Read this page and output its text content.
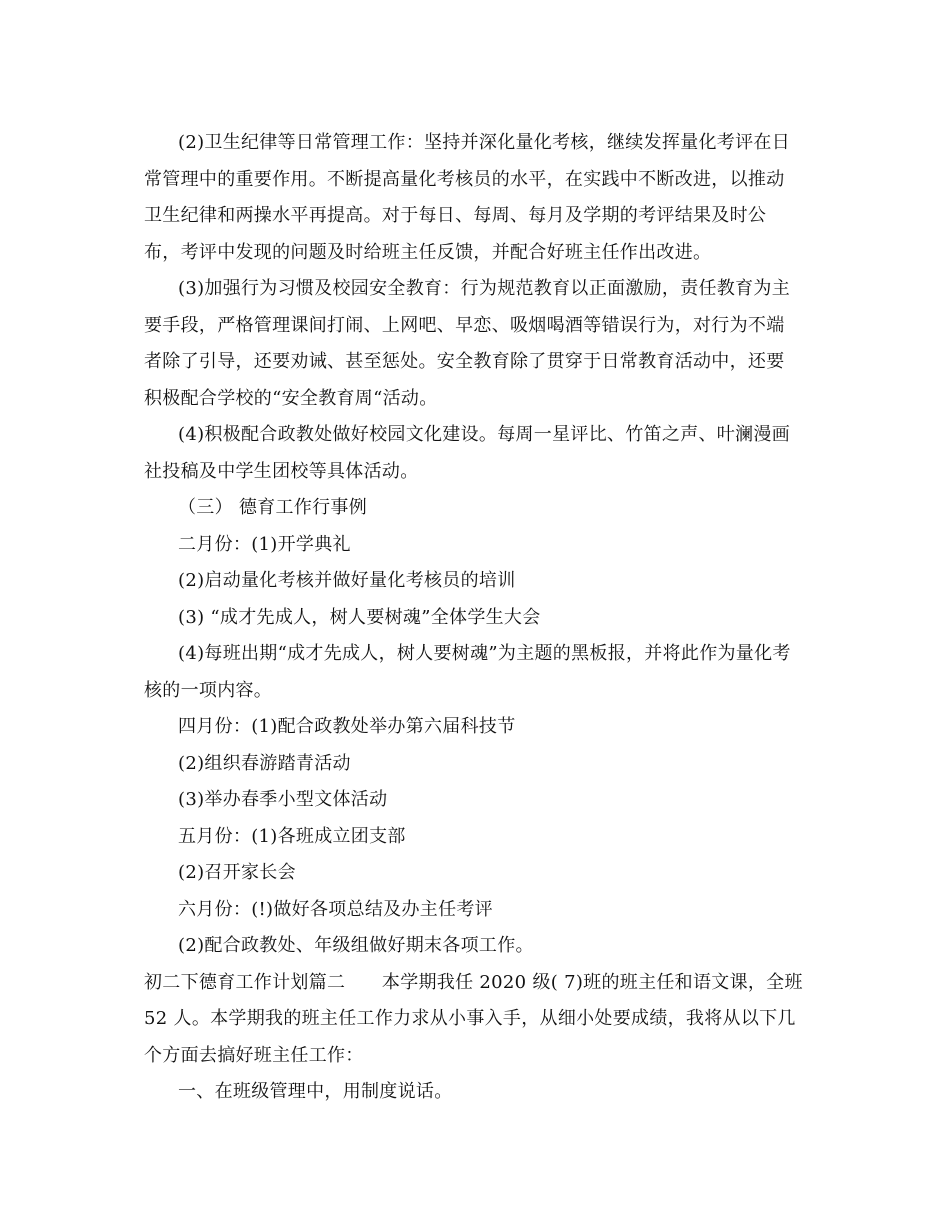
(2)卫生纪律等日常管理工作：坚持并深化量化考核，继续发挥量化考评在日
常管理中的重要作用。不断提高量化考核员的水平，在实践中不断改进，以推动
卫生纪律和两操水平再提高。对于每日、每周、每月及学期的考评结果及时公
布，考评中发现的问题及时给班主任反馈，并配合好班主任作出改进。
(3)加强行为习惯及校园安全教育：行为规范教育以正面激励，责任教育为主
要手段，严格管理课间打闹、上网吧、早恋、吸烟喝酒等错误行为，对行为不端
者除了引导，还要劝诫、甚至惩处。安全教育除了贯穿于日常教育活动中，还要
积极配合学校的“安全教育周“活动。
(4)积极配合政教处做好校园文化建设。每周一星评比、竹笛之声、叶澜漫画
社投稿及中学生团校等具体活动。
（三） 德育工作行事例
二月份：(1)开学典礼
(2)启动量化考核并做好量化考核员的培训
(3) “成才先成人，树人要树魂”全体学生大会
(4)每班出期“成才先成人，树人要树魂”为主题的黑板报，并将此作为量化考
核的一项内容。
四月份：(1)配合政教处举办第六届科技节
(2)组织春游踏青活动
(3)举办春季小型文体活动
五月份：(1)各班成立团支部
(2)召开家长会
六月份：(!)做好各项总结及办主任考评
(2)配合政教处、年级组做好期末各项工作。
初二下德育工作计划篇二　　本学期我任 2020 级( 7)班的班主任和语文课，全班
52 人。本学期我的班主任工作力求从小事入手，从细小处要成绩，我将从以下几
个方面去搞好班主任工作：
一、在班级管理中，用制度说话。
